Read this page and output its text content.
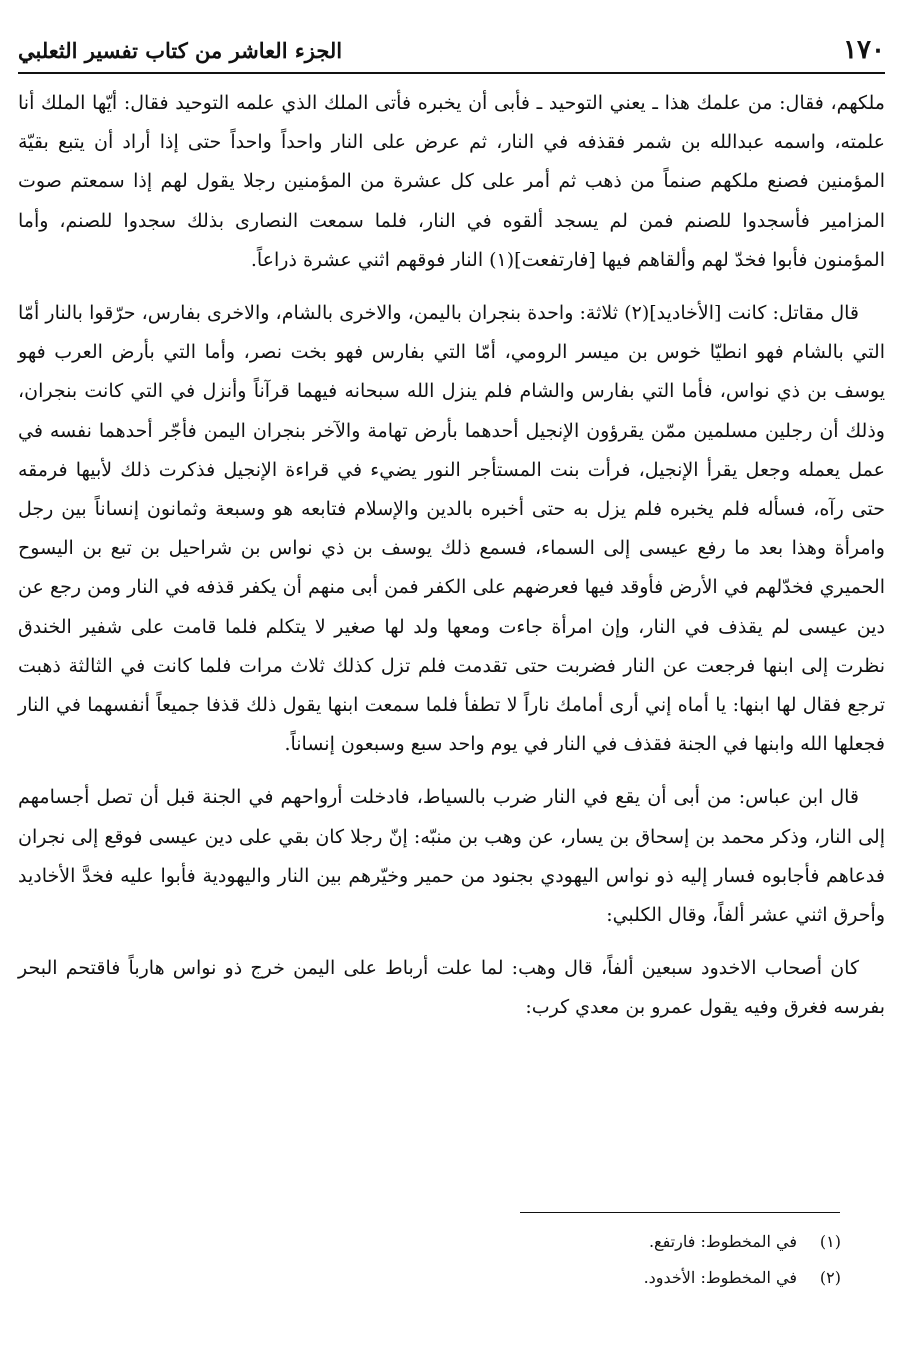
١٧٠
الجزء العاشر من كتاب تفسير الثعلبي

ملكهم، فقال: من علمك هذا ـ يعني التوحيد ـ فأبى أن يخبره فأتى الملك الذي علمه التوحيد فقال: أيّها الملك أنا علمته، واسمه عبدالله بن شمر فقذفه في النار، ثم عرض على النار واحداً واحداً حتى إذا أراد أن يتبع بقيّة المؤمنين فصنع ملكهم صنماً من ذهب ثم أمر على كل عشرة من المؤمنين رجلا يقول لهم إذا سمعتم صوت المزامير فأسجدوا للصنم فمن لم يسجد ألقوه في النار، فلما سمعت النصارى بذلك سجدوا للصنم، وأما المؤمنون فأبوا فخدّ لهم وألقاهم فيها [فارتفعت](١) النار فوقهم اثني عشرة ذراعاً.

قال مقاتل: كانت [الأخاديد](٢) ثلاثة: واحدة بنجران باليمن، والاخرى بالشام، والاخرى بفارس، حرّقوا بالنار أمّا التي بالشام فهو انطيّا خوس بن ميسر الرومي، أمّا التي بفارس فهو بخت نصر، وأما التي بأرض العرب فهو يوسف بن ذي نواس، فأما التي بفارس والشام فلم ينزل الله سبحانه فيهما قرآناً وأنزل في التي كانت بنجران، وذلك أن رجلين مسلمين ممّن يقرؤون الإنجيل أحدهما بأرض تهامة والآخر بنجران اليمن فأجّر أحدهما نفسه في عمل يعمله وجعل يقرأ الإنجيل، فرأت بنت المستأجر النور يضيء في قراءة الإنجيل فذكرت ذلك لأبيها فرمقه حتى رآه، فسأله فلم يخبره فلم يزل به حتى أخبره بالدين والإسلام فتابعه هو وسبعة وثمانون إنساناً بين رجل وامرأة وهذا بعد ما رفع عيسى إلى السماء، فسمع ذلك يوسف بن ذي نواس بن شراحيل بن تبع بن اليسوح الحميري فخدّلهم في الأرض فأوقد فيها فعرضهم على الكفر فمن أبى منهم أن يكفر قذفه في النار ومن رجع عن دين عيسى لم يقذف في النار، وإن امرأة جاءت ومعها ولد لها صغير لا يتكلم فلما قامت على شفير الخندق نظرت إلى ابنها فرجعت عن النار فضربت حتى تقدمت فلم تزل كذلك ثلاث مرات فلما كانت في الثالثة ذهبت ترجع فقال لها ابنها: يا أماه إني أرى أمامك ناراً لا تطفأ فلما سمعت ابنها يقول ذلك قذفا جميعاً أنفسهما في النار فجعلها الله وابنها في الجنة فقذف في النار في يوم واحد سبع وسبعون إنساناً.

قال ابن عباس: من أبى أن يقع في النار ضرب بالسياط، فادخلت أرواحهم في الجنة قبل أن تصل أجسامهم إلى النار، وذكر محمد بن إسحاق بن يسار، عن وهب بن منبّه: إنّ رجلا كان بقي على دين عيسى فوقع إلى نجران فدعاهم فأجابوه فسار إليه ذو نواس اليهودي بجنود من حمير وخيّرهم بين النار واليهودية فأبوا عليه فخدَّ الأخاديد وأحرق اثني عشر ألفاً، وقال الكلبي:

كان أصحاب الاخدود سبعين ألفاً، قال وهب: لما علت أرباط على اليمن خرج ذو نواس هارباً فاقتحم البحر بفرسه فغرق وفيه يقول عمرو بن معدي كرب:

(١)
في المخطوط: فارتفع.
(٢)
في المخطوط: الأخدود.
